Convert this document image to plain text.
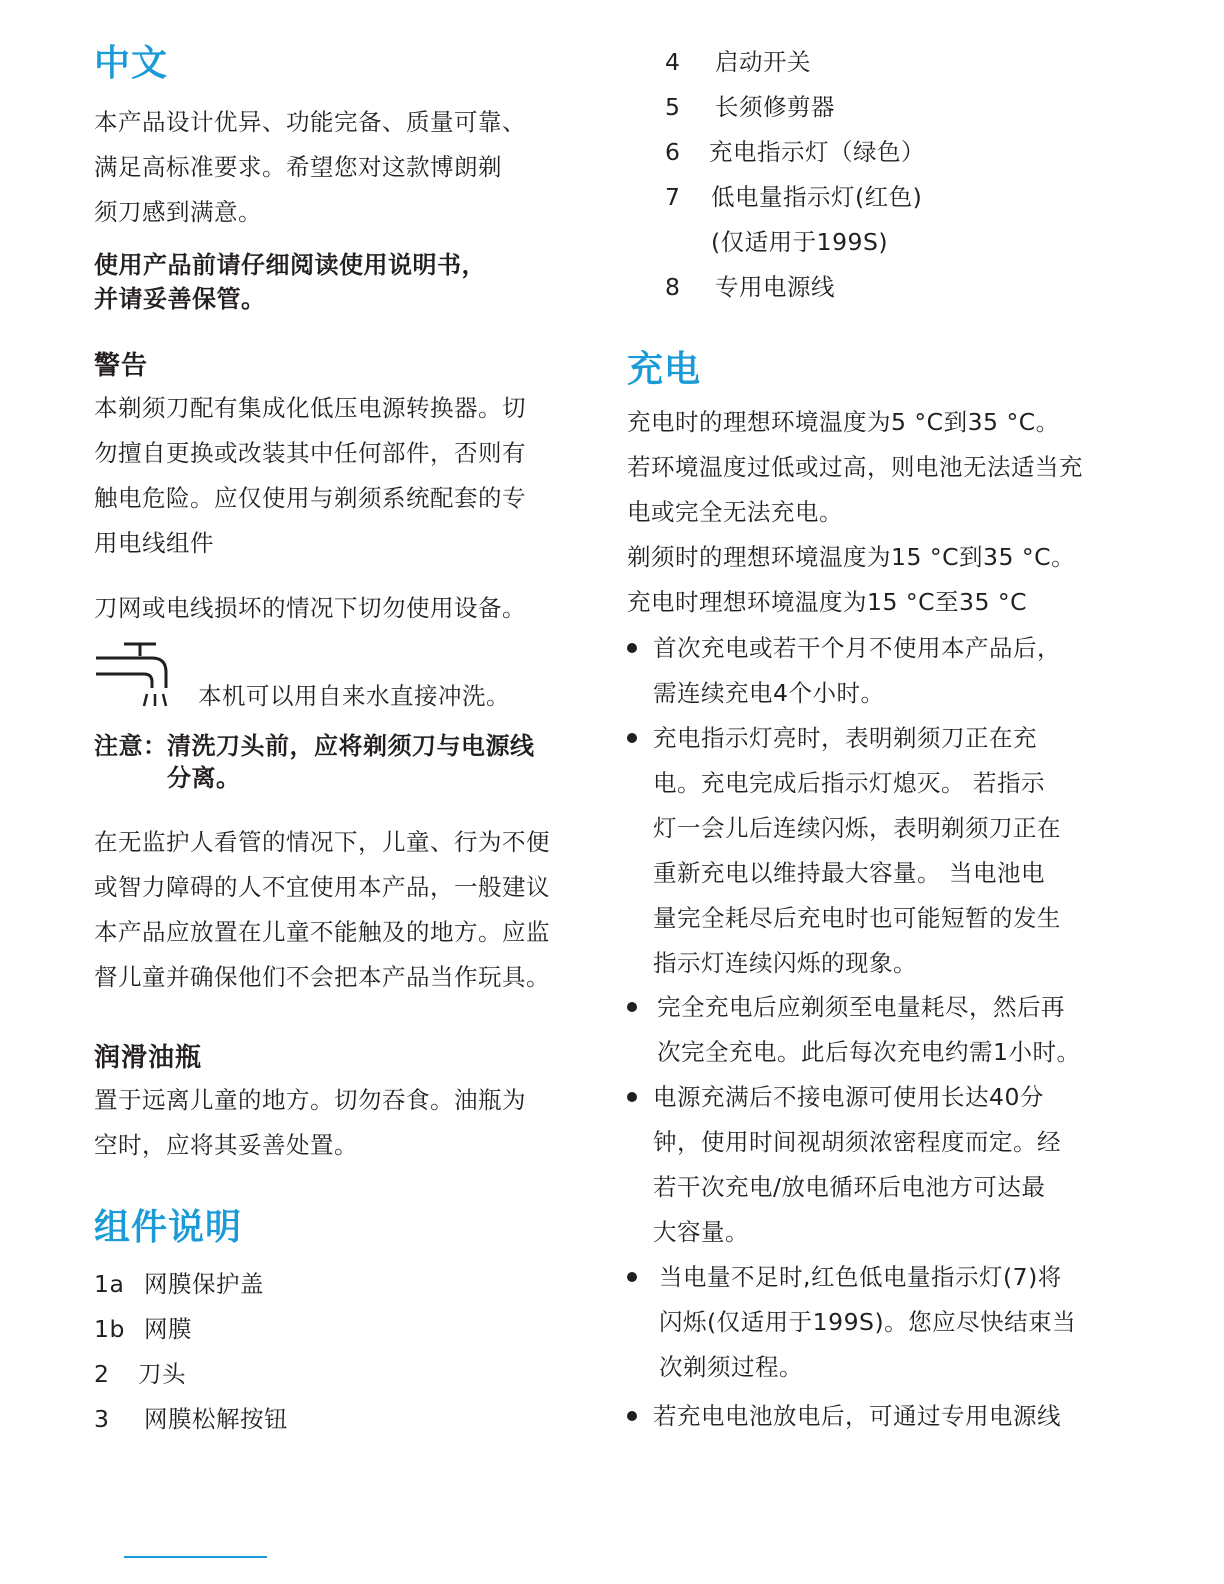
中文

本产品设计优异、功能完备、质量可靠、
满足高标准要求。希望您对这款博朗剃
须刀感到满意。

使用产品前请仔细阅读使用说明书，
并请妥善保管。

警告

本剃须刀配有集成化低压电源转换器。切
勿擅自更换或改装其中任何部件，否则有
触电危险。应仅使用与剃须系统配套的专
用电线组件

刀网或电线损坏的情况下切勿使用设备。

本机可以用自来水直接冲洗。

注意： 清洗刀头前，应将剃须刀与电源线
分离。

在无监护人看管的情况下，儿童、行为不便
或智力障碍的人不宜使用本产品，一般建议
本产品应放置在儿童不能触及的地方。应监
督儿童并确保他们不会把本产品当作玩具。

润滑油瓶

置于远离儿童的地方。切勿吞食。油瓶为
空时，应将其妥善处置。

组件说明
1a 网膜保护盖
1b 网膜
2 刀头
3 网膜松解按钮
4 启动开关
5 长须修剪器
6 充电指示灯（绿色）
7 低电量指示灯(红色)
(仅适用于199S)
8 专用电源线
充电

充电时的理想环境温度为5 °C到35 °C。
若环境温度过低或过高，则电池无法适当充
电或完全无法充电。
剃须时的理想环境温度为15 °C到35 °C。
充电时理想环境温度为15 °C至35 °C

首次充电或若干个月不使用本产品后，
需连续充电4个小时。

充电指示灯亮时，表明剃须刀正在充
电。充电完成后指示灯熄灭。 若指示
灯一会儿后连续闪烁，表明剃须刀正在
重新充电以维持最大容量。 当电池电
量完全耗尽后充电时也可能短暂的发生
指示灯连续闪烁的现象。

完全充电后应剃须至电量耗尽，然后再
次完全充电。此后每次充电约需1小时。

电源充满后不接电源可使用长达40分
钟，使用时间视胡须浓密程度而定。经
若干次充电/放电循环后电池方可达最
大容量。

当电量不足时,红色低电量指示灯(7)将
闪烁(仅适用于199S)。您应尽快结束当
次剃须过程。

若充电电池放电后，可通过专用电源线
